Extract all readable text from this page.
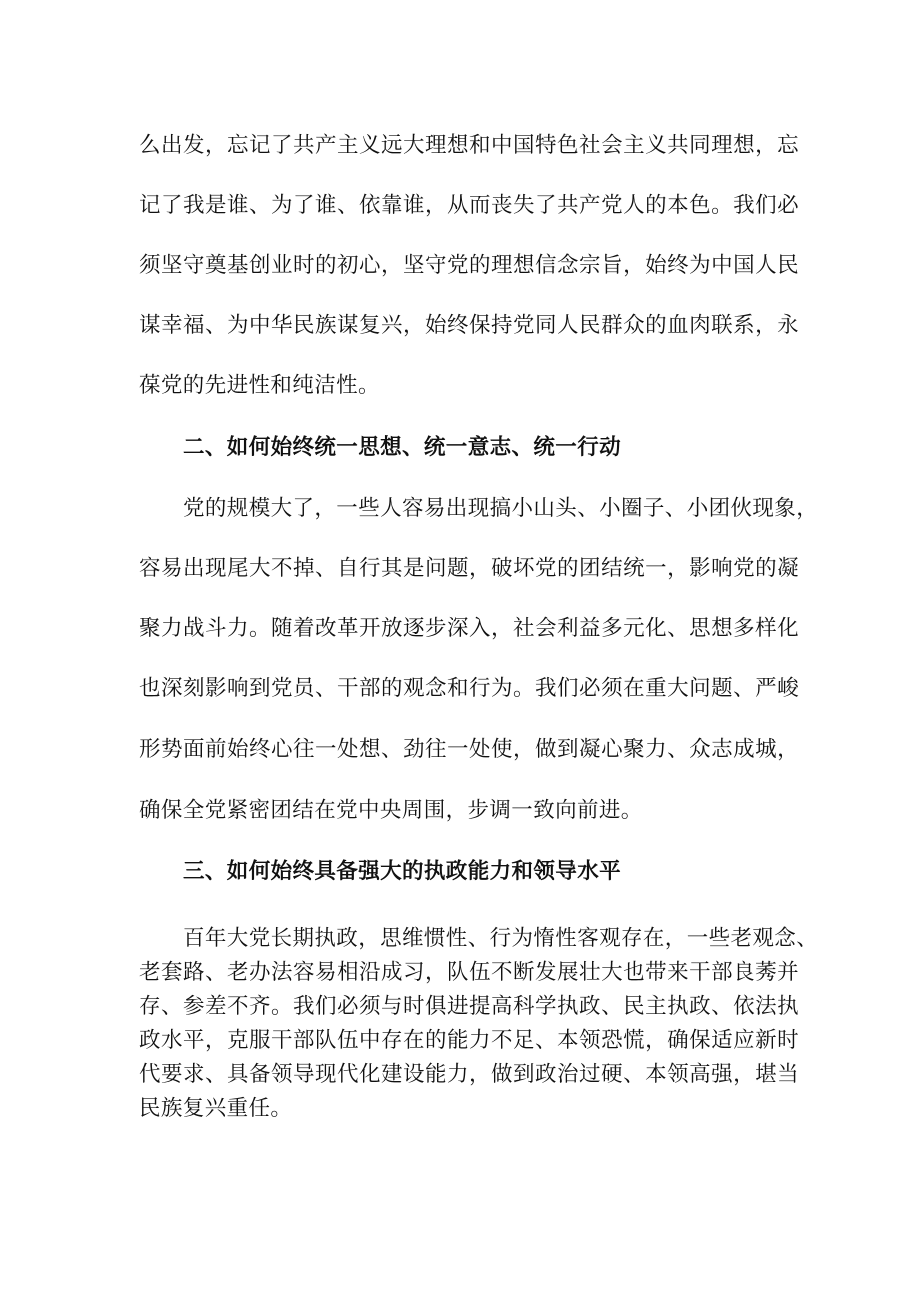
么出发，忘记了共产主义远大理想和中国特色社会主义共同理想，忘
记了我是谁、为了谁、依靠谁，从而丧失了共产党人的本色。我们必
须坚守奠基创业时的初心，坚守党的理想信念宗旨，始终为中国人民
谋幸福、为中华民族谋复兴，始终保持党同人民群众的血肉联系，永
葆党的先进性和纯洁性。
二、如何始终统一思想、统一意志、统一行动
党的规模大了，一些人容易出现搞小山头、小圈子、小团伙现象，
容易出现尾大不掉、自行其是问题，破坏党的团结统一，影响党的凝
聚力战斗力。随着改革开放逐步深入，社会利益多元化、思想多样化
也深刻影响到党员、干部的观念和行为。我们必须在重大问题、严峻
形势面前始终心往一处想、劲往一处使，做到凝心聚力、众志成城，
确保全党紧密团结在党中央周围，步调一致向前进。
三、如何始终具备强大的执政能力和领导水平
百年大党长期执政，思维惯性、行为惰性客观存在，一些老观念、
老套路、老办法容易相沿成习，队伍不断发展壮大也带来干部良莠并
存、参差不齐。我们必须与时俱进提高科学执政、民主执政、依法执
政水平，克服干部队伍中存在的能力不足、本领恐慌，确保适应新时
代要求、具备领导现代化建设能力，做到政治过硬、本领高强，堪当
民族复兴重任。
